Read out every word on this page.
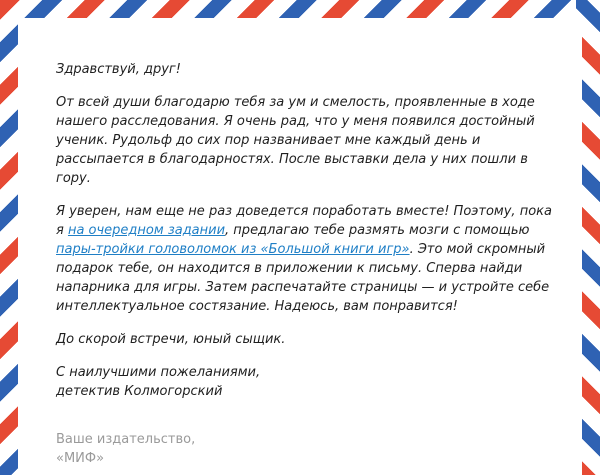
Здравствуй, друг!

От всей души благодарю тебя за ум и смелость, проявленные в ходе нашего расследования. Я очень рад, что у меня появился достойный ученик. Рудольф до сих пор названивает мне каждый день и рассыпается в благодарностях. После выставки дела у них пошли в гору.

Я уверен, нам еще не раз доведется поработать вместе! Поэтому, пока я на очередном задании, предлагаю тебе размять мозги с помощью пары-тройки головоломок из «Большой книги игр». Это мой скромный подарок тебе, он находится в приложении к письму. Сперва найди напарника для игры. Затем распечатайте страницы — и устройте себе интеллектуальное состязание. Надеюсь, вам понравится!

До скорой встречи, юный сыщик.

С наилучшими пожеланиями,

детектив Колмогорский

Ваше издательство,
«МИФ»
